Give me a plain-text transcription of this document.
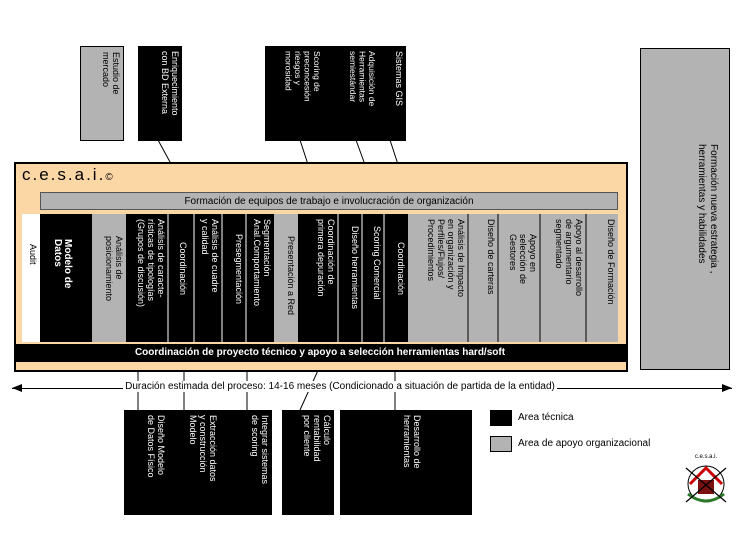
Estudio de
mercado	Enriquecimiento
con BD Externa
Scoring de
preconcesión
riesgos y
morosidad	Adquisición de
Herramientas
semiestándar	Sistemas GIS
Formación nueva estrategia ,
herramientas y habilidades
c.e.s.a.i.©
Formación de equipos de trabajo e involucración de organización
Audit	Modelo de Datos	Análisis de
posicionamiento
Análisis de caracte-
rísticas de tipologías
(Grupos de discusión)	Coordinación
Análisis de cuadre
y calidad	Presegmentación	Segmentación
Anal.Comportamiento	Presentación a Red	Coordinación de
primera depuración	Diseño herramientas	Scoring Comercial	Coordinación
Análisis de Impacto
en organización y
Perfiles/Flujos/
Procedimientos	Diseño de carteras	Apoyo en
selección de
Gestores
Apoyo al desarrollo
de argumentario
segmentado	Diseño de Formación
Coordinación de proyecto técnico y apoyo a selección herramientas hard/soft
Duración estimada del proceso: 14-16 meses (Condicionado a situación de partida de la entidad)
Diseño Modelo
de Datos Físico
Extracción datos
y construcción
Modelo	Integrar sistemas
de scoring	Cálculo
rentabilidad
por cliente	Desarrollo de
herramientas	Area técnica
Area de apoyo organizacional
c.e.s.a.i.
